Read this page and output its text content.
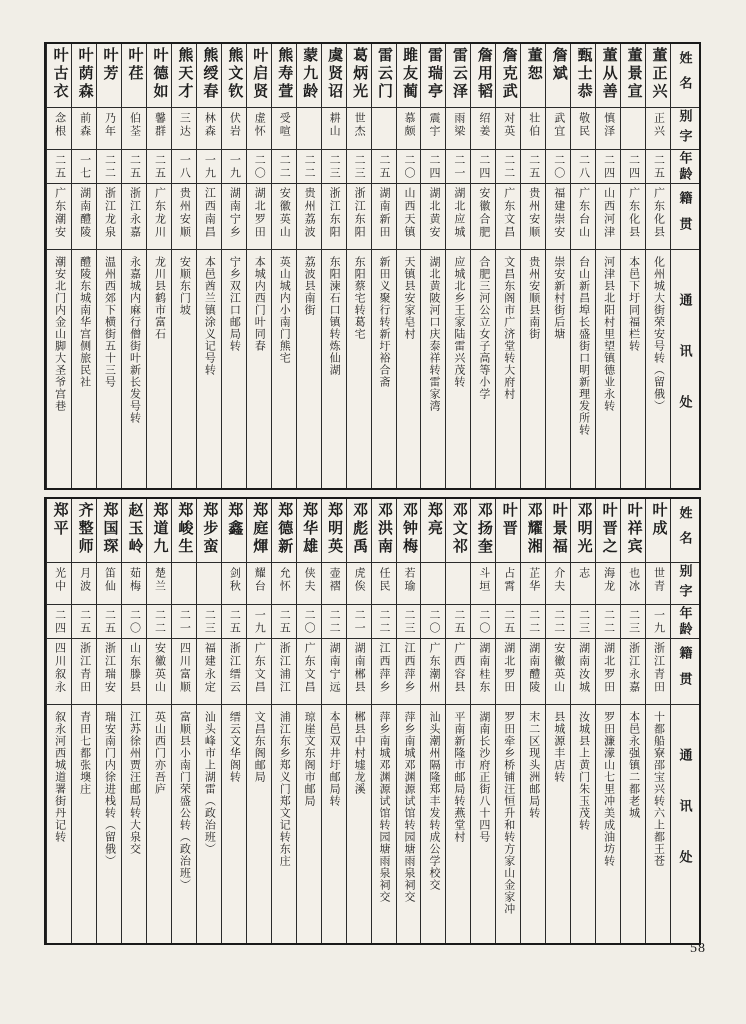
姓名
别字
年龄
籍贯
通讯处
董正兴
正兴
二五
广东化县
化州城大街荣安号转︵留俄︶
董景宣
二四
广东化县
本邑下圩同福栏转
董从善
慎泽
二四
山西河津
河津县北阳村里望镇德业永转
甄士恭
敬民
二八
广东台山
台山新昌埠长盛街口明新理发所转
詹斌
武宜
二〇
福建崇安
崇安新村街后塘
董恕
壮伯
二五
贵州安顺
贵州安顺县南街
詹克武
对英
二二
广东文昌
文昌东阁市广济堂转大府村
詹用韬
绍姜
二四
安徽合肥
合肥三河公立女子高等小学
雷云泽
雨梁
二一
湖北应城
应城北乡王家陆雷兴茂转
雷瑞亭
震宇
二四
湖北黄安
湖北黄陂河口庆泰祥转雷家湾
雎友蔺
慕颇
二〇
山西天镇
天镇县安家皂村
雷云门
二五
湖南新田
新田义聚行转新圩裕合斋
葛炳光
世杰
二三
浙江东阳
东阳蔡宅转葛宅
虞贤诏
耕山
二三
浙江东阳
东阳湅石口镇转炼仙湖
蒙九龄
二二
贵州荔波
荔波县南街
熊寿萱
受喧
二二
安徽英山
英山城内小南门熊宅
叶启贤
虚怀
二〇
湖北罗田
本城内西门叶同春
熊文钦
伏岩
一九
湖南宁乡
宁乡双江口邮局转
熊绶春
林森
一九
江西南昌
本邑酋兰镇涂义记号转
熊天才
三达
一八
贵州安顺
安顺东门坡
叶德如
馨群
二五
广东龙川
龙川县鹤市富石
叶荏
伯荃
二五
浙江永嘉
永嘉城内麻行僧街叶新长发号转
叶芳
乃年
二二
浙江龙泉
温州西郊下横街五十三号
叶荫森
前森
一七
湖南醴陵
醴陵东城南华宫侧旅民社
叶古衣
念根
二五
广东潮安
潮安北门内金山脚大圣爷宫巷
姓名
别字
年龄
籍贯
通讯处
叶成
世青
一九
浙江青田
十都船寮邵宝兴转六上都王苍
叶祥宾
也冰
二三
浙江永嘉
本邑永强镇二都老城
叶晋之
海龙
二二
湖北罗田
罗田濂濛山七里冲美成油坊转
邓明光
志
二三
湖南汝城
汝城县上黄门朱玉茂转
叶景福
介夫
二二
安徽英山
县城源丰店转
邓耀湘
芷华
二二
湖南醴陵
末二区现头洲邮局转
叶晋
占霄
二五
湖北罗田
罗田牵乡桥铺汪恒升和转方家山金家冲
邓扬奎
斗垣
二〇
湖南桂东
湖南长沙府正街八十四号
邓文祁
二五
广西容县
平南新隆市邮局转燕堂村
郑亮
二〇
广东潮州
汕头潮州隔隆郑丰发转成公学校交
邓钟梅
若瑜
二三
江西萍乡
萍乡南城邓渊源试馆转园塘雨泉祠交
邓洪南
任民
二二
江西萍乡
萍乡南城邓渊源试馆转园塘雨泉祠交
邓彪禹
虎俟
二一
湖南郴县
郴县中村墟龙溪
郑明英
壶褶
二二
湖南宁远
本邑双井圩邮局转
郑华雄
侠夫
二〇
广东文昌
琼崖文东阁市邮局
郑德新
允怀
二五
浙江浦江
浦江东乡郑义门郑文记转东庄
郑庭煇
耀台
一九
广东文昌
文昌东阁邮局
郑鑫
剑秋
二五
浙江缙云
缙云文华阁转
郑步蛮
二三
福建永定
汕头峰市上湖雷︵政治班︶
郑峻生
二一
四川富顺
富顺县小南门荣盛公转︵政治班︶
郑道九
楚兰
二二
安徽英山
英山西门亦吾庐
赵玉岭
茹梅
二〇
山东滕县
江苏徐州贾汪邮局转大泉交
郑国琛
笛仙
二五
浙江瑞安
瑞安南门内徐进栈转︵留俄︶
齐整师
月波
二五
浙江青田
青田七都张墺庄
郑平
光中
二四
四川叙永
叙永河西城道署街丹记转
58
